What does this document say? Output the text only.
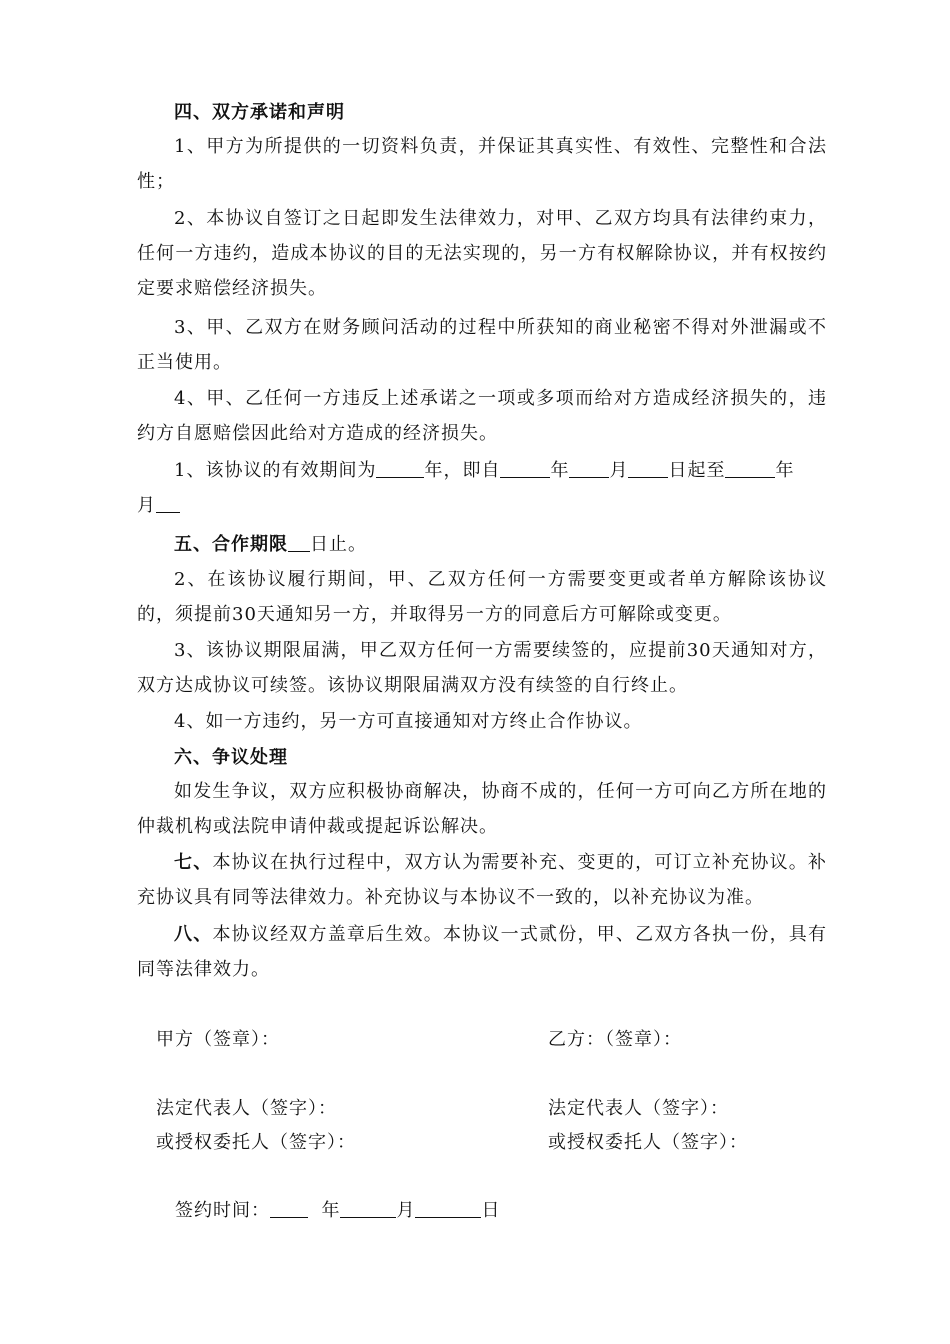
四、双方承诺和声明
1、甲方为所提供的一切资料负责，并保证其真实性、有效性、完整性和合法性；
2、本协议自签订之日起即发生法律效力，对甲、乙双方均具有法律约束力，任何一方违约，造成本协议的目的无法实现的，另一方有权解除协议，并有权按约定要求赔偿经济损失。
3、甲、乙双方在财务顾问活动的过程中所获知的商业秘密不得对外泄漏或不正当使用。
4、甲、乙任何一方违反上述承诺之一项或多项而给对方造成经济损失的，违约方自愿赔偿因此给对方造成的经济损失。
1、该协议的有效期间为	年，即自	年 月 日起至	年
月
五、合作期限 日止。
2、在该协议履行期间，甲、乙双方任何一方需要变更或者单方解除该协议的，须提前30天通知另一方，并取得另一方的同意后方可解除或变更。
3、该协议期限届满，甲乙双方任何一方需要续签的，应提前30天通知对方，双方达成协议可续签。该协议期限届满双方没有续签的自行终止。
4、如一方违约，另一方可直接通知对方终止合作协议。
六、争议处理
如发生争议，双方应积极协商解决，协商不成的，任何一方可向乙方所在地的仲裁机构或法院申请仲裁或提起诉讼解决。
七、本协议在执行过程中，双方认为需要补充、变更的，可订立补充协议。补充协议具有同等法律效力。补充协议与本协议不一致的，以补充协议为准。
八、本协议经双方盖章后生效。本协议一式贰份，甲、乙双方各执一份，具有同等法律效力。
甲方（签章）：	乙方：（签章）：
法定代表人（签字）：	法定代表人（签字）：
或授权委托人（签字）：	或授权委托人（签字）：
签约时间：	年	月	日
